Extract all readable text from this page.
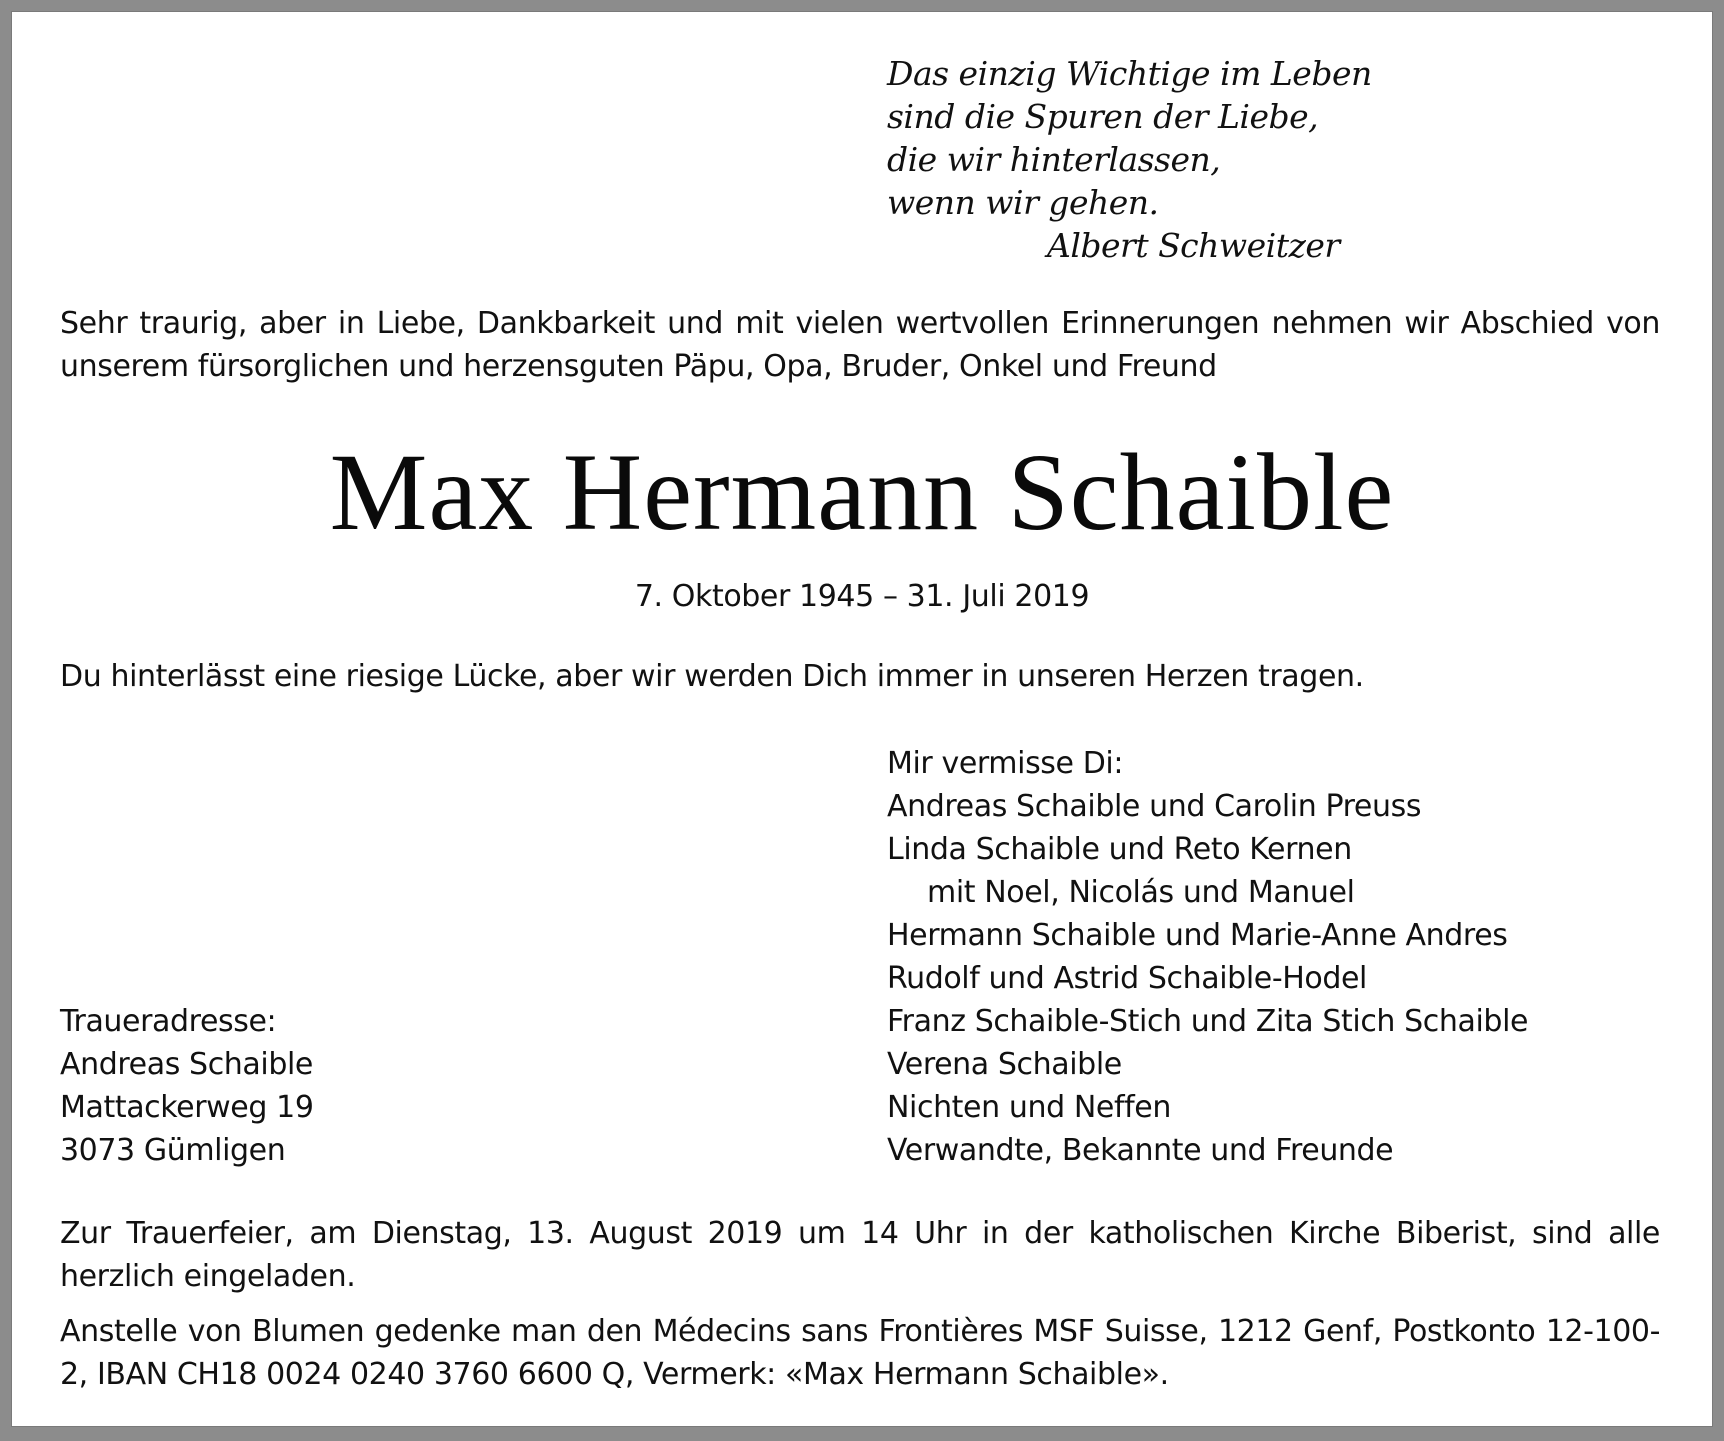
Das einzig Wichtige im Leben
sind die Spuren der Liebe,
die wir hinterlassen,
wenn wir gehen.
Albert Schweitzer
Sehr traurig, aber in Liebe, Dankbarkeit und mit vielen wertvollen Erinnerungen nehmen wir Abschied von unserem fürsorglichen und herzensguten Päpu, Opa, Bruder, Onkel und Freund
Max Hermann Schaible
7. Oktober 1945 – 31. Juli 2019
Du hinterlässt eine riesige Lücke, aber wir werden Dich immer in unseren Herzen tragen.
Mir vermisse Di:
Andreas Schaible und Carolin Preuss
Linda Schaible und Reto Kernen
mit Noel, Nicolás und Manuel
Hermann Schaible und Marie-Anne Andres
Rudolf und Astrid Schaible-Hodel
Franz Schaible-Stich und Zita Stich Schaible
Verena Schaible
Nichten und Neffen
Verwandte, Bekannte und Freunde
Traueradresse:
Andreas Schaible
Mattackerweg 19
3073 Gümligen
Zur Trauerfeier, am Dienstag, 13. August 2019 um 14 Uhr in der katholischen Kirche Biberist, sind alle herzlich eingeladen.
Anstelle von Blumen gedenke man den Médecins sans Frontières MSF Suisse, 1212 Genf, Postkonto 12-100-2, IBAN CH18 0024 0240 3760 6600 Q, Vermerk: «Max Hermann Schaible».
